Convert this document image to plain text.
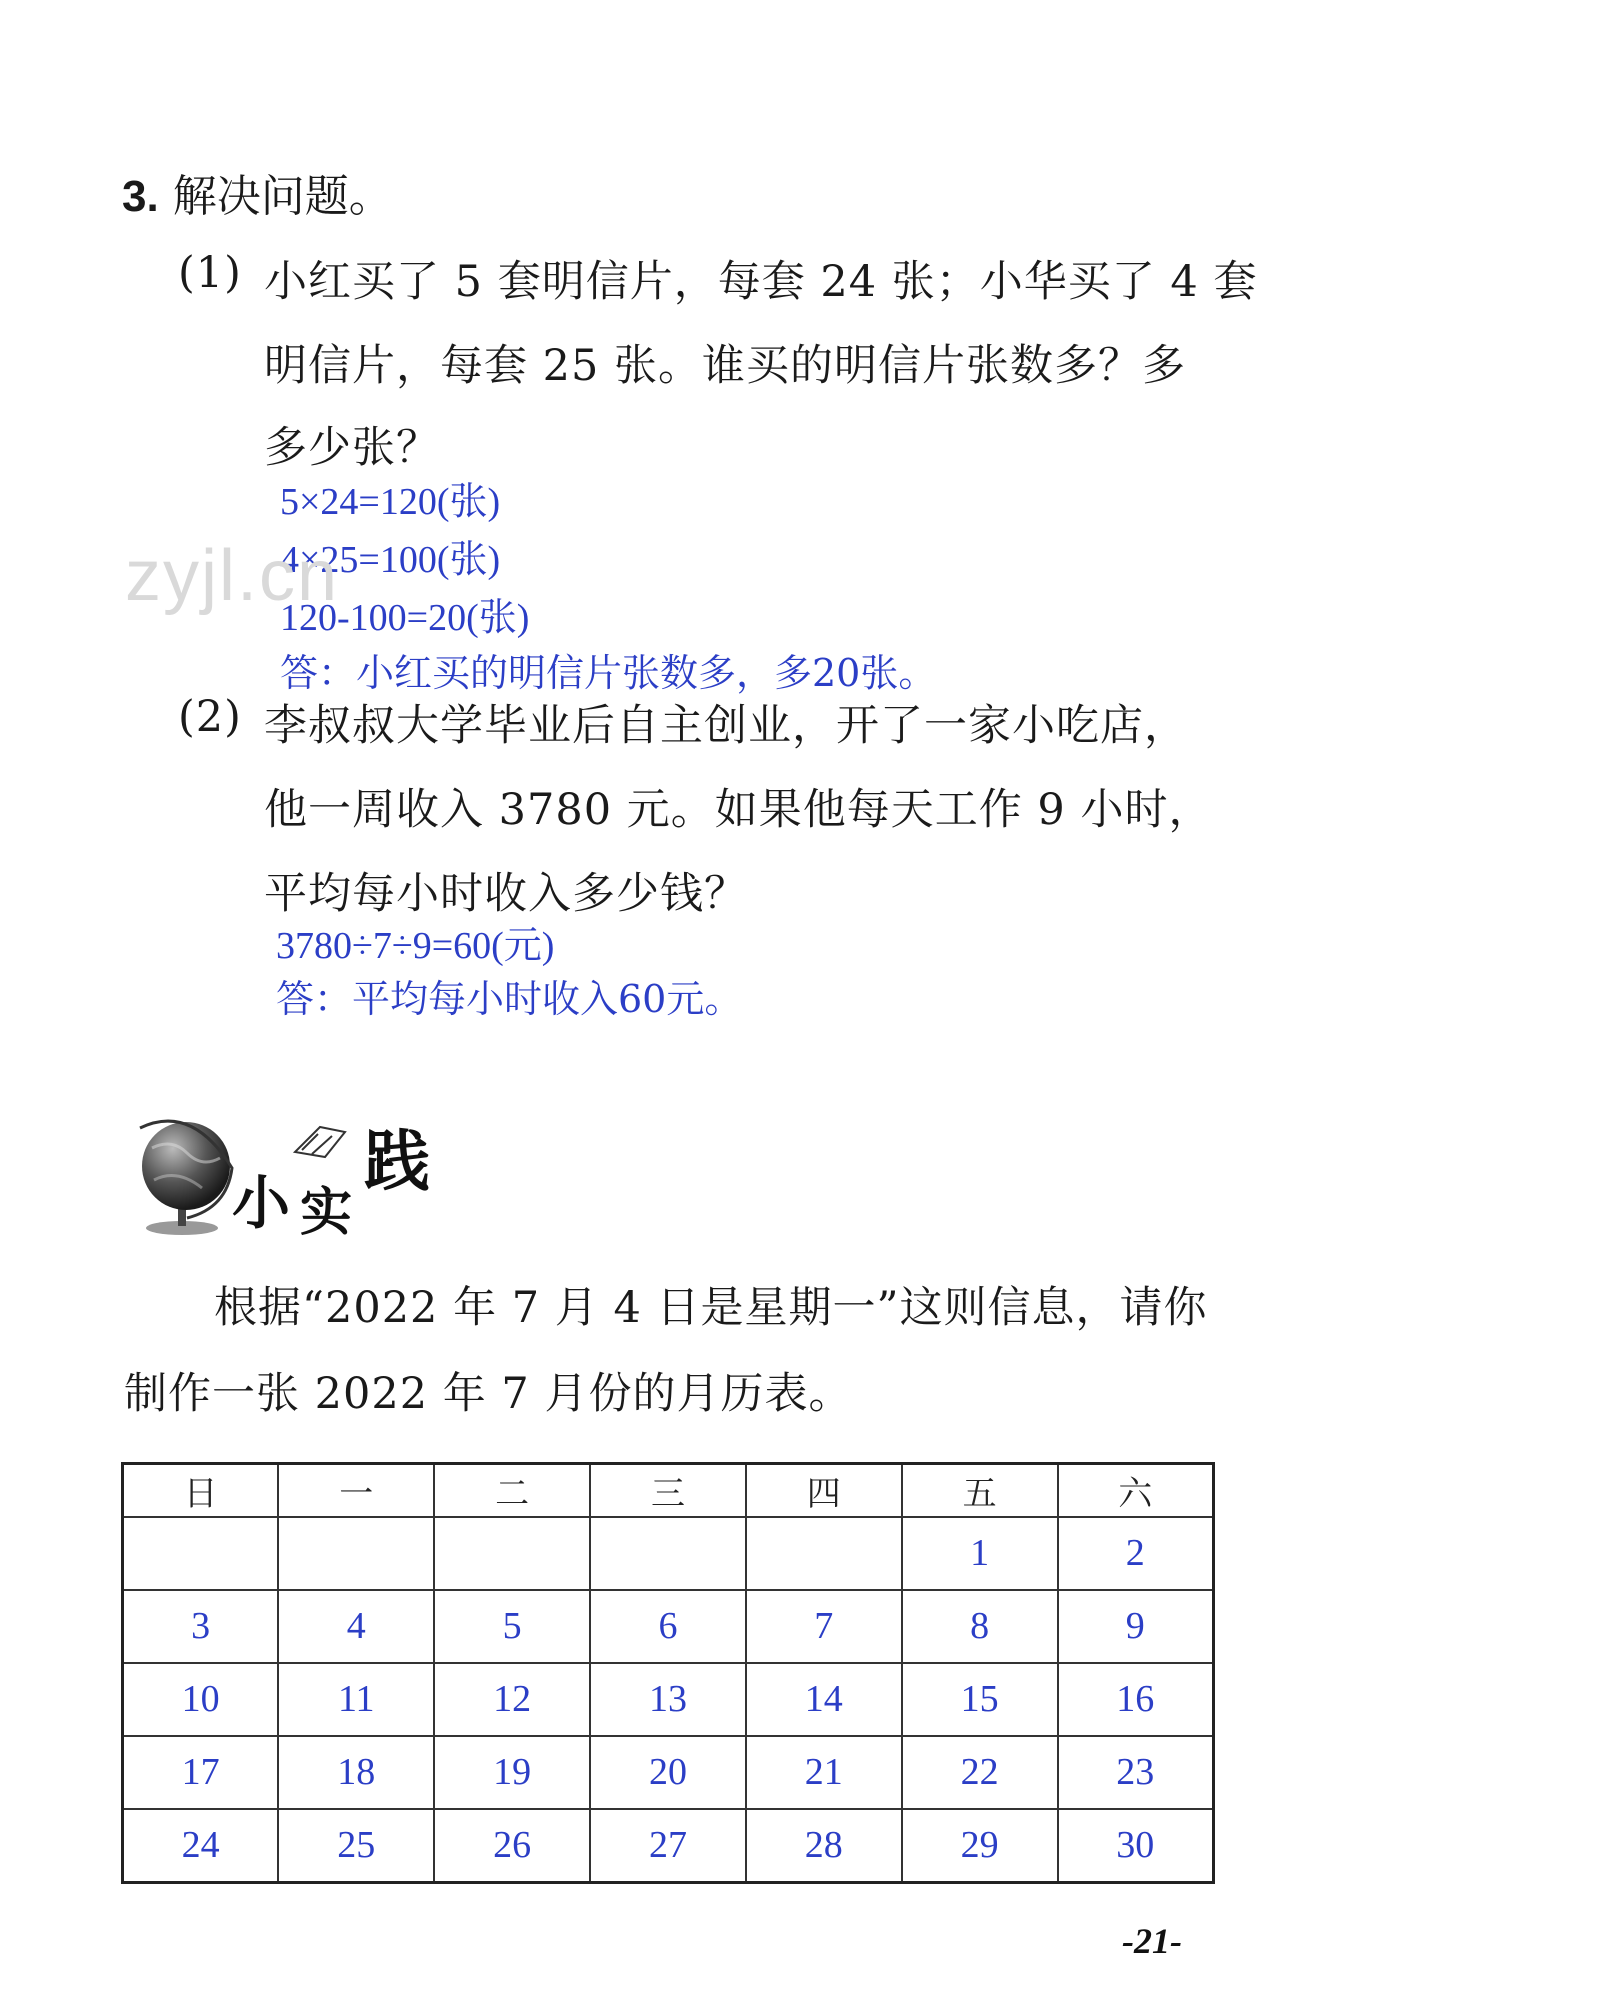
3. 解决问题。
(1) 小红买了 5 套明信片，每套 24 张；小华买了 4 套
明信片，每套 25 张。谁买的明信片张数多？多
多少张？
5×24=120(张)
4×25=100(张)
zyjl.cn
120-100=20(张)
答：小红买的明信片张数多，多20张。
(2) 李叔叔大学毕业后自主创业，开了一家小吃店，
他一周收入 3780 元。如果他每天工作 9 小时，
平均每小时收入多少钱？
3780÷7÷9=60(元)
答：平均每小时收入60元。
小 实
践
根据“2022 年 7 月 4 日是星期一”这则信息，请你
制作一张 2022 年 7 月份的月历表。
日	一	二	三	四	五	六
					1	2
3	4	5	6	7	8	9
10	11	12	13	14	15	16
17	18	19	20	21	22	23
24	25	26	27	28	29	30
-21-
